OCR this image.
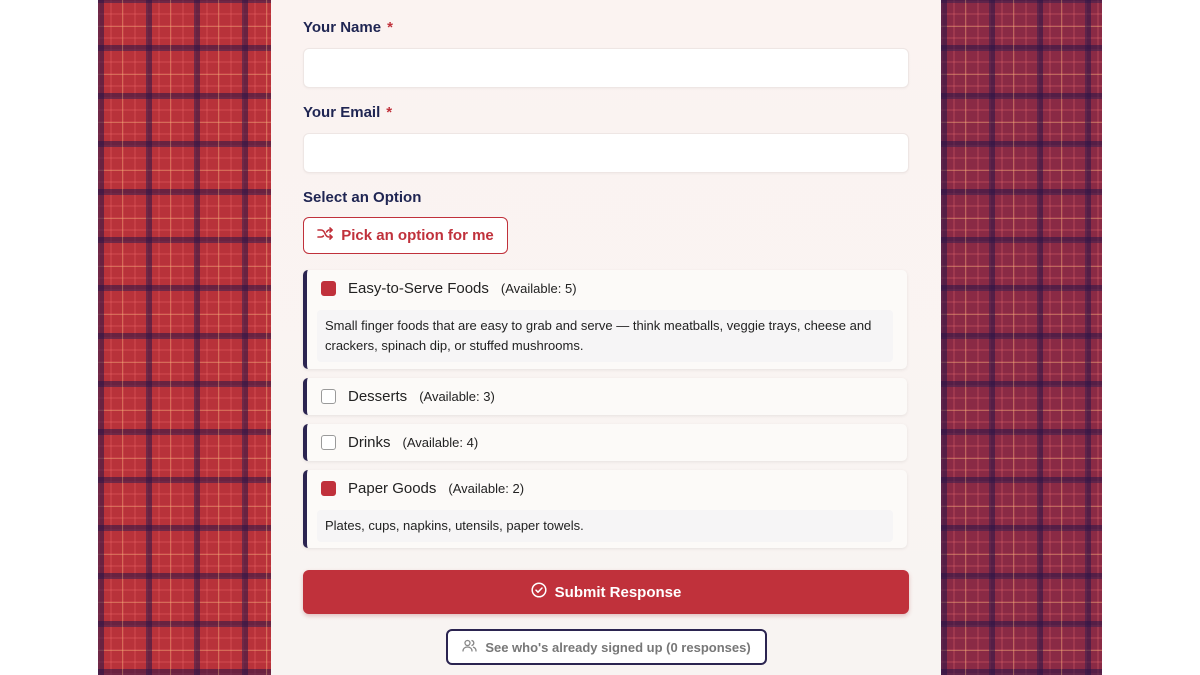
Your Name *
Your Email *
Select an Option
Pick an option for me
Easy-to-Serve Foods (Available: 5)
Small finger foods that are easy to grab and serve — think meatballs, veggie trays, cheese and crackers, spinach dip, or stuffed mushrooms.
Desserts (Available: 3)
Drinks (Available: 4)
Paper Goods (Available: 2)
Plates, cups, napkins, utensils, paper towels.
Submit Response
See who's already signed up (0 responses)
